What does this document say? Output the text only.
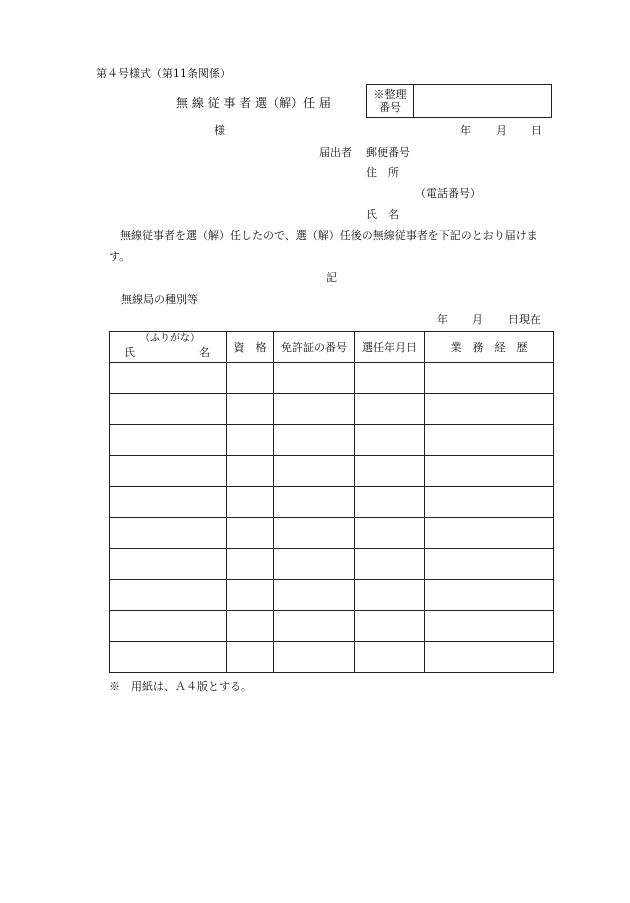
第４号様式（第11条関係）
無 線 従 事 者 選（解）任 届
※整理
番号
様	年 月 日
届出者 郵便番号
住　所
（電話番号）
氏　名
　無線従事者を選（解）任したので、選（解）任後の無線従事者を下記のとおり届けま
す。
記
無線局の種別等
年 月 日現在
（ふりがな）
氏 名	資　格	免許証の番号	選任年月日	業　務　経　歴

※　用紙は、Ａ４版とする。
